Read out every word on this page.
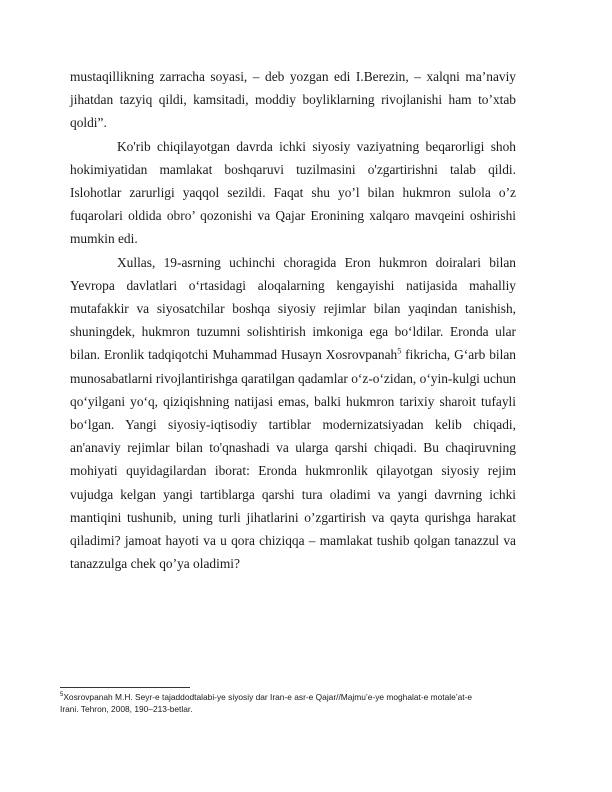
mustaqillikning zarracha soyasi, – deb yozgan edi I.Berezin, – xalqni ma’naviy
jihatdan tazyiq qildi, kamsitadi, moddiy boyliklarning rivojlanishi ham to’xtab
qoldi”.

Ko'rib chiqilayotgan davrda ichki siyosiy vaziyatning beqarorligi shoh
hokimiyatidan mamlakat boshqaruvi tuzilmasini o'zgartirishni talab qildi.
Islohotlar zarurligi yaqqol sezildi. Faqat shu yo’l bilan hukmron sulola o’z
fuqarolari oldida obro’ qozonishi va Qajar Eronining xalqaro mavqeini oshirishi
mumkin edi.

Xullas, 19-asrning uchinchi choragida Eron hukmron doiralari bilan
Yevropa davlatlari o‘rtasidagi aloqalarning kengayishi natijasida mahalliy
mutafakkir va siyosatchilar boshqa siyosiy rejimlar bilan yaqindan tanishish,
shuningdek, hukmron tuzumni solishtirish imkoniga ega bo‘ldilar. Eronda ular
bilan. Eronlik tadqiqotchi Muhammad Husayn Xosrovpanah$^5$ fikricha, G‘arb bilan
munosabatlarni rivojlantirishga qaratilgan qadamlar o‘z-o‘zidan, o‘yin-kulgi uchun
qo‘yilgani yo‘q, qiziqishning natijasi emas, balki hukmron tarixiy sharoit tufayli
bo‘lgan. Yangi siyosiy-iqtisodiy tartiblar modernizatsiyadan kelib chiqadi,
an'anaviy rejimlar bilan to'qnashadi va ularga qarshi chiqadi. Bu chaqiruvning
mohiyati quyidagilardan iborat: Eronda hukmronlik qilayotgan siyosiy rejim
vujudga kelgan yangi tartiblarga qarshi tura oladimi va yangi davrning ichki
mantiqini tushunib, uning turli jihatlarini o’zgartirish va qayta qurishga harakat
qiladimi? jamoat hayoti va u qora chiziqqa – mamlakat tushib qolgan tanazzul va
tanazzulga chek qo’ya oladimi?

$^5$Xosrovpanah M.H. Seyr-e tajaddodtalabi-ye siyosiy dar Iran-e asr-e Qajar//Majmu’e-ye moghalat-e motale’at-e
Irani. Tehron, 2008, 190–213-betlar.
